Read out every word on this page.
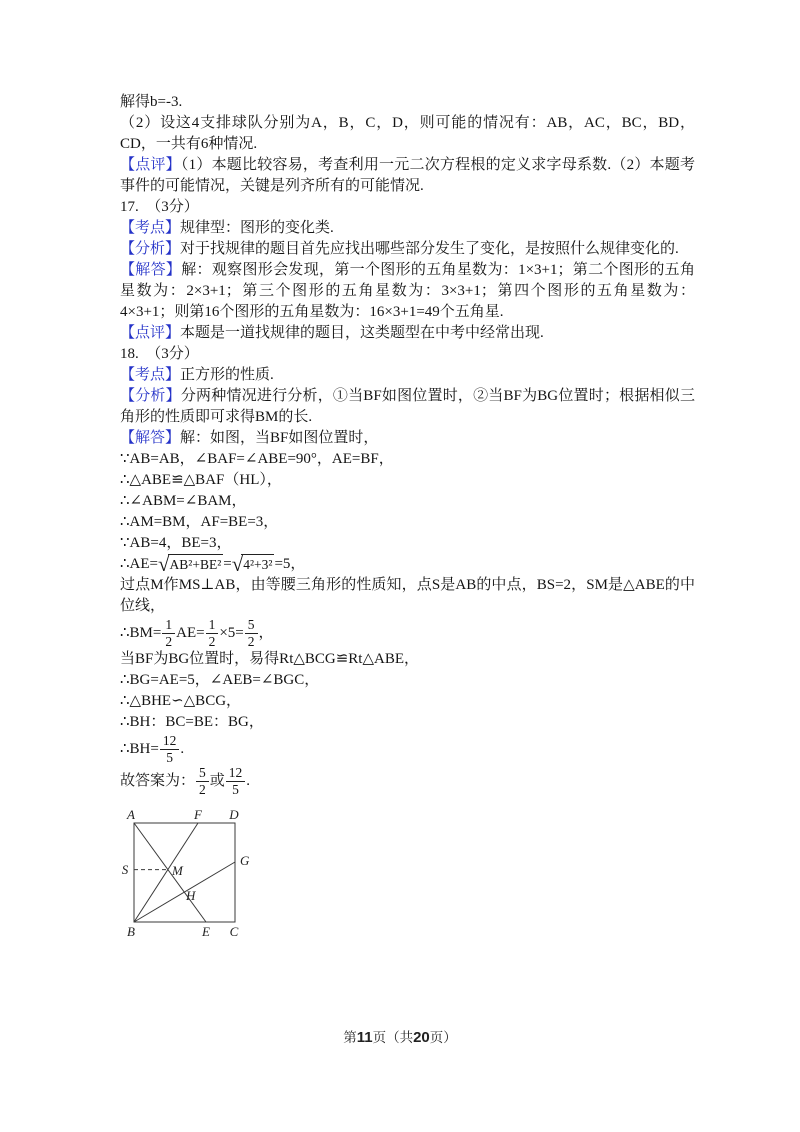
解得b=-3.

（2）设这4支排球队分别为A，B，C，D，则可能的情况有：AB，AC，BC，BD，CD，一共有6种情况.

【点评】（1）本题比较容易，考查利用一元二次方程根的定义求字母系数.（2）本题考事件的可能情况，关键是列齐所有的可能情况.

17.　（3分）

【考点】规律型：图形的变化类.

【分析】对于找规律的题目首先应找出哪些部分发生了变化，是按照什么规律变化的.

【解答】解：观察图形会发现，第一个图形的五角星数为：1×3+1；第二个图形的五角星数为：2×3+1；第三个图形的五角星数为：3×3+1；第四个图形的五角星数为：4×3+1；则第16个图形的五角星数为：16×3+1=49个五角星.

【点评】本题是一道找规律的题目，这类题型在中考中经常出现.

18.　（3分）

【考点】正方形的性质.

【分析】分两种情况进行分析，①当BF如图位置时，②当BF为BG位置时；根据相似三角形的性质即可求得BM的长.

【解答】解：如图，当BF如图位置时，

∵AB=AB，∠BAF=∠ABE=90°，AE=BF，

∴△ABE≌△BAF（HL），

∴∠ABM=∠BAM，

∴AM=BM，AF=BE=3，

∵AB=4，BE=3，

∴AE= √ AB²+BE² = √ 4²+3² =5，

过点M作MS⊥AB，由等腰三角形的性质知，点S是AB的中点，BS=2，SM是△ABE的中位线，

∴BM= $\frac{1}{2} AE= \frac{1}{2} \times 5= \frac{5}{2}$ ，

当BF为BG位置时，易得Rt△BCG≌Rt△ABE，

∴BG=AE=5，∠AEB=∠BGC，

∴△BHE∽△BCG，

∴BH：BC=BE：BG，

∴BH= $\frac{12}{5}$ .

故答案为： $\frac{5}{2}$ 或 $\frac{12}{5}$ .

A	F D
S	M
G
H
B	E C
第11页（共20页）
